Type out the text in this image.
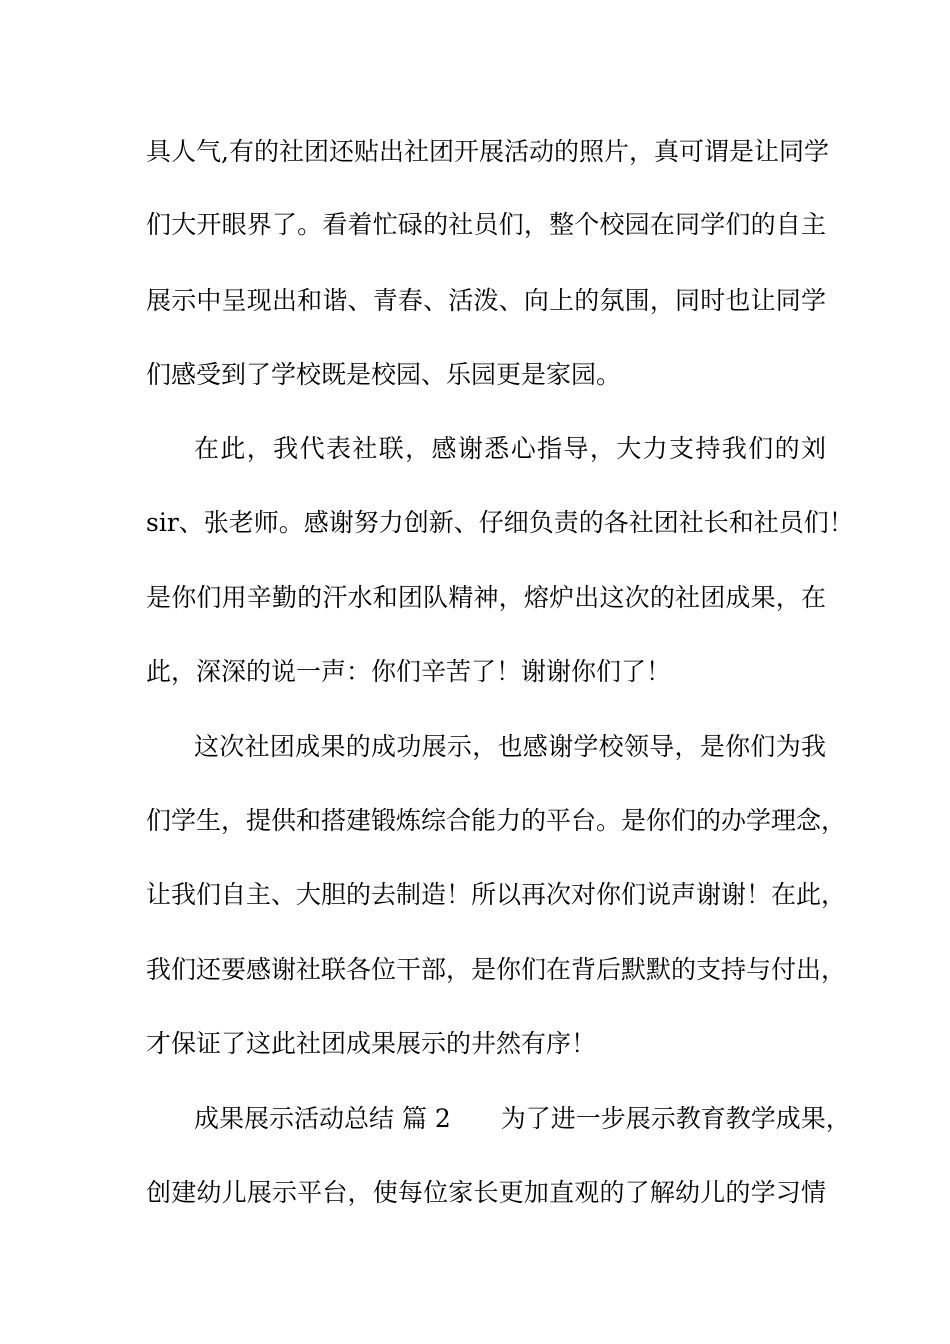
具人气,有的社团还贴出社团开展活动的照片，真可谓是让同学
们大开眼界了。看着忙碌的社员们，整个校园在同学们的自主
展示中呈现出和谐、青春、活泼、向上的氛围，同时也让同学
们感受到了学校既是校园、乐园更是家园。
在此，我代表社联，感谢悉心指导，大力支持我们的刘
sir、张老师。感谢努力创新、仔细负责的各社团社长和社员们！
是你们用辛勤的汗水和团队精神，熔炉出这次的社团成果，在
此，深深的说一声：你们辛苦了！谢谢你们了！
这次社团成果的成功展示，也感谢学校领导，是你们为我
们学生，提供和搭建锻炼综合能力的平台。是你们的办学理念，
让我们自主、大胆的去制造！所以再次对你们说声谢谢！在此，
我们还要感谢社联各位干部，是你们在背后默默的支持与付出，
才保证了这此社团成果展示的井然有序！
成果展示活动总结 篇 2　　为了进一步展示教育教学成果，
创建幼儿展示平台，使每位家长更加直观的了解幼儿的学习情
